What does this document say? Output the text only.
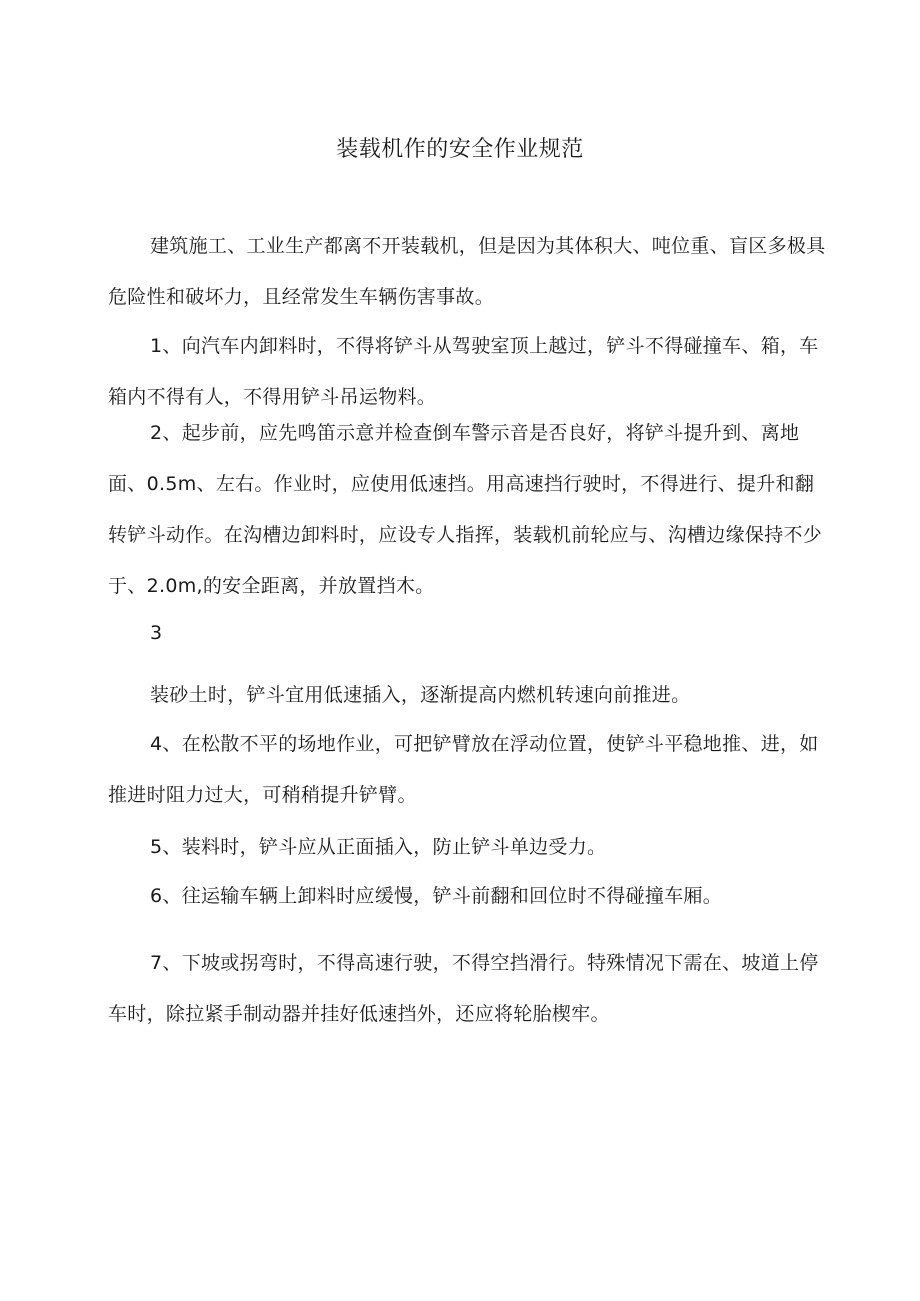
装载机作的安全作业规范

建筑施工、工业生产都离不开装载机，但是因为其体积大、吨位重、盲区多极具危险性和破坏力，且经常发生车辆伤害事故。

1、向汽车内卸料时，不得将铲斗从驾驶室顶上越过，铲斗不得碰撞车、箱，车箱内不得有人，不得用铲斗吊运物料。

2、起步前，应先鸣笛示意并检查倒车警示音是否良好，将铲斗提升到、离地面、0.5m、左右。作业时，应使用低速挡。用高速挡行驶时，不得进行、提升和翻转铲斗动作。在沟槽边卸料时，应设专人指挥，装载机前轮应与、沟槽边缘保持不少于、2.0m,的安全距离，并放置挡木。

3

装砂土时，铲斗宜用低速插入，逐渐提高内燃机转速向前推进。

4、在松散不平的场地作业，可把铲臂放在浮动位置，使铲斗平稳地推、进，如推进时阻力过大，可稍稍提升铲臂。

5、装料时，铲斗应从正面插入，防止铲斗单边受力。

6、往运输车辆上卸料时应缓慢，铲斗前翻和回位时不得碰撞车厢。

7、下坡或拐弯时，不得高速行驶，不得空挡滑行。特殊情况下需在、坡道上停车时，除拉紧手制动器并挂好低速挡外，还应将轮胎楔牢。
